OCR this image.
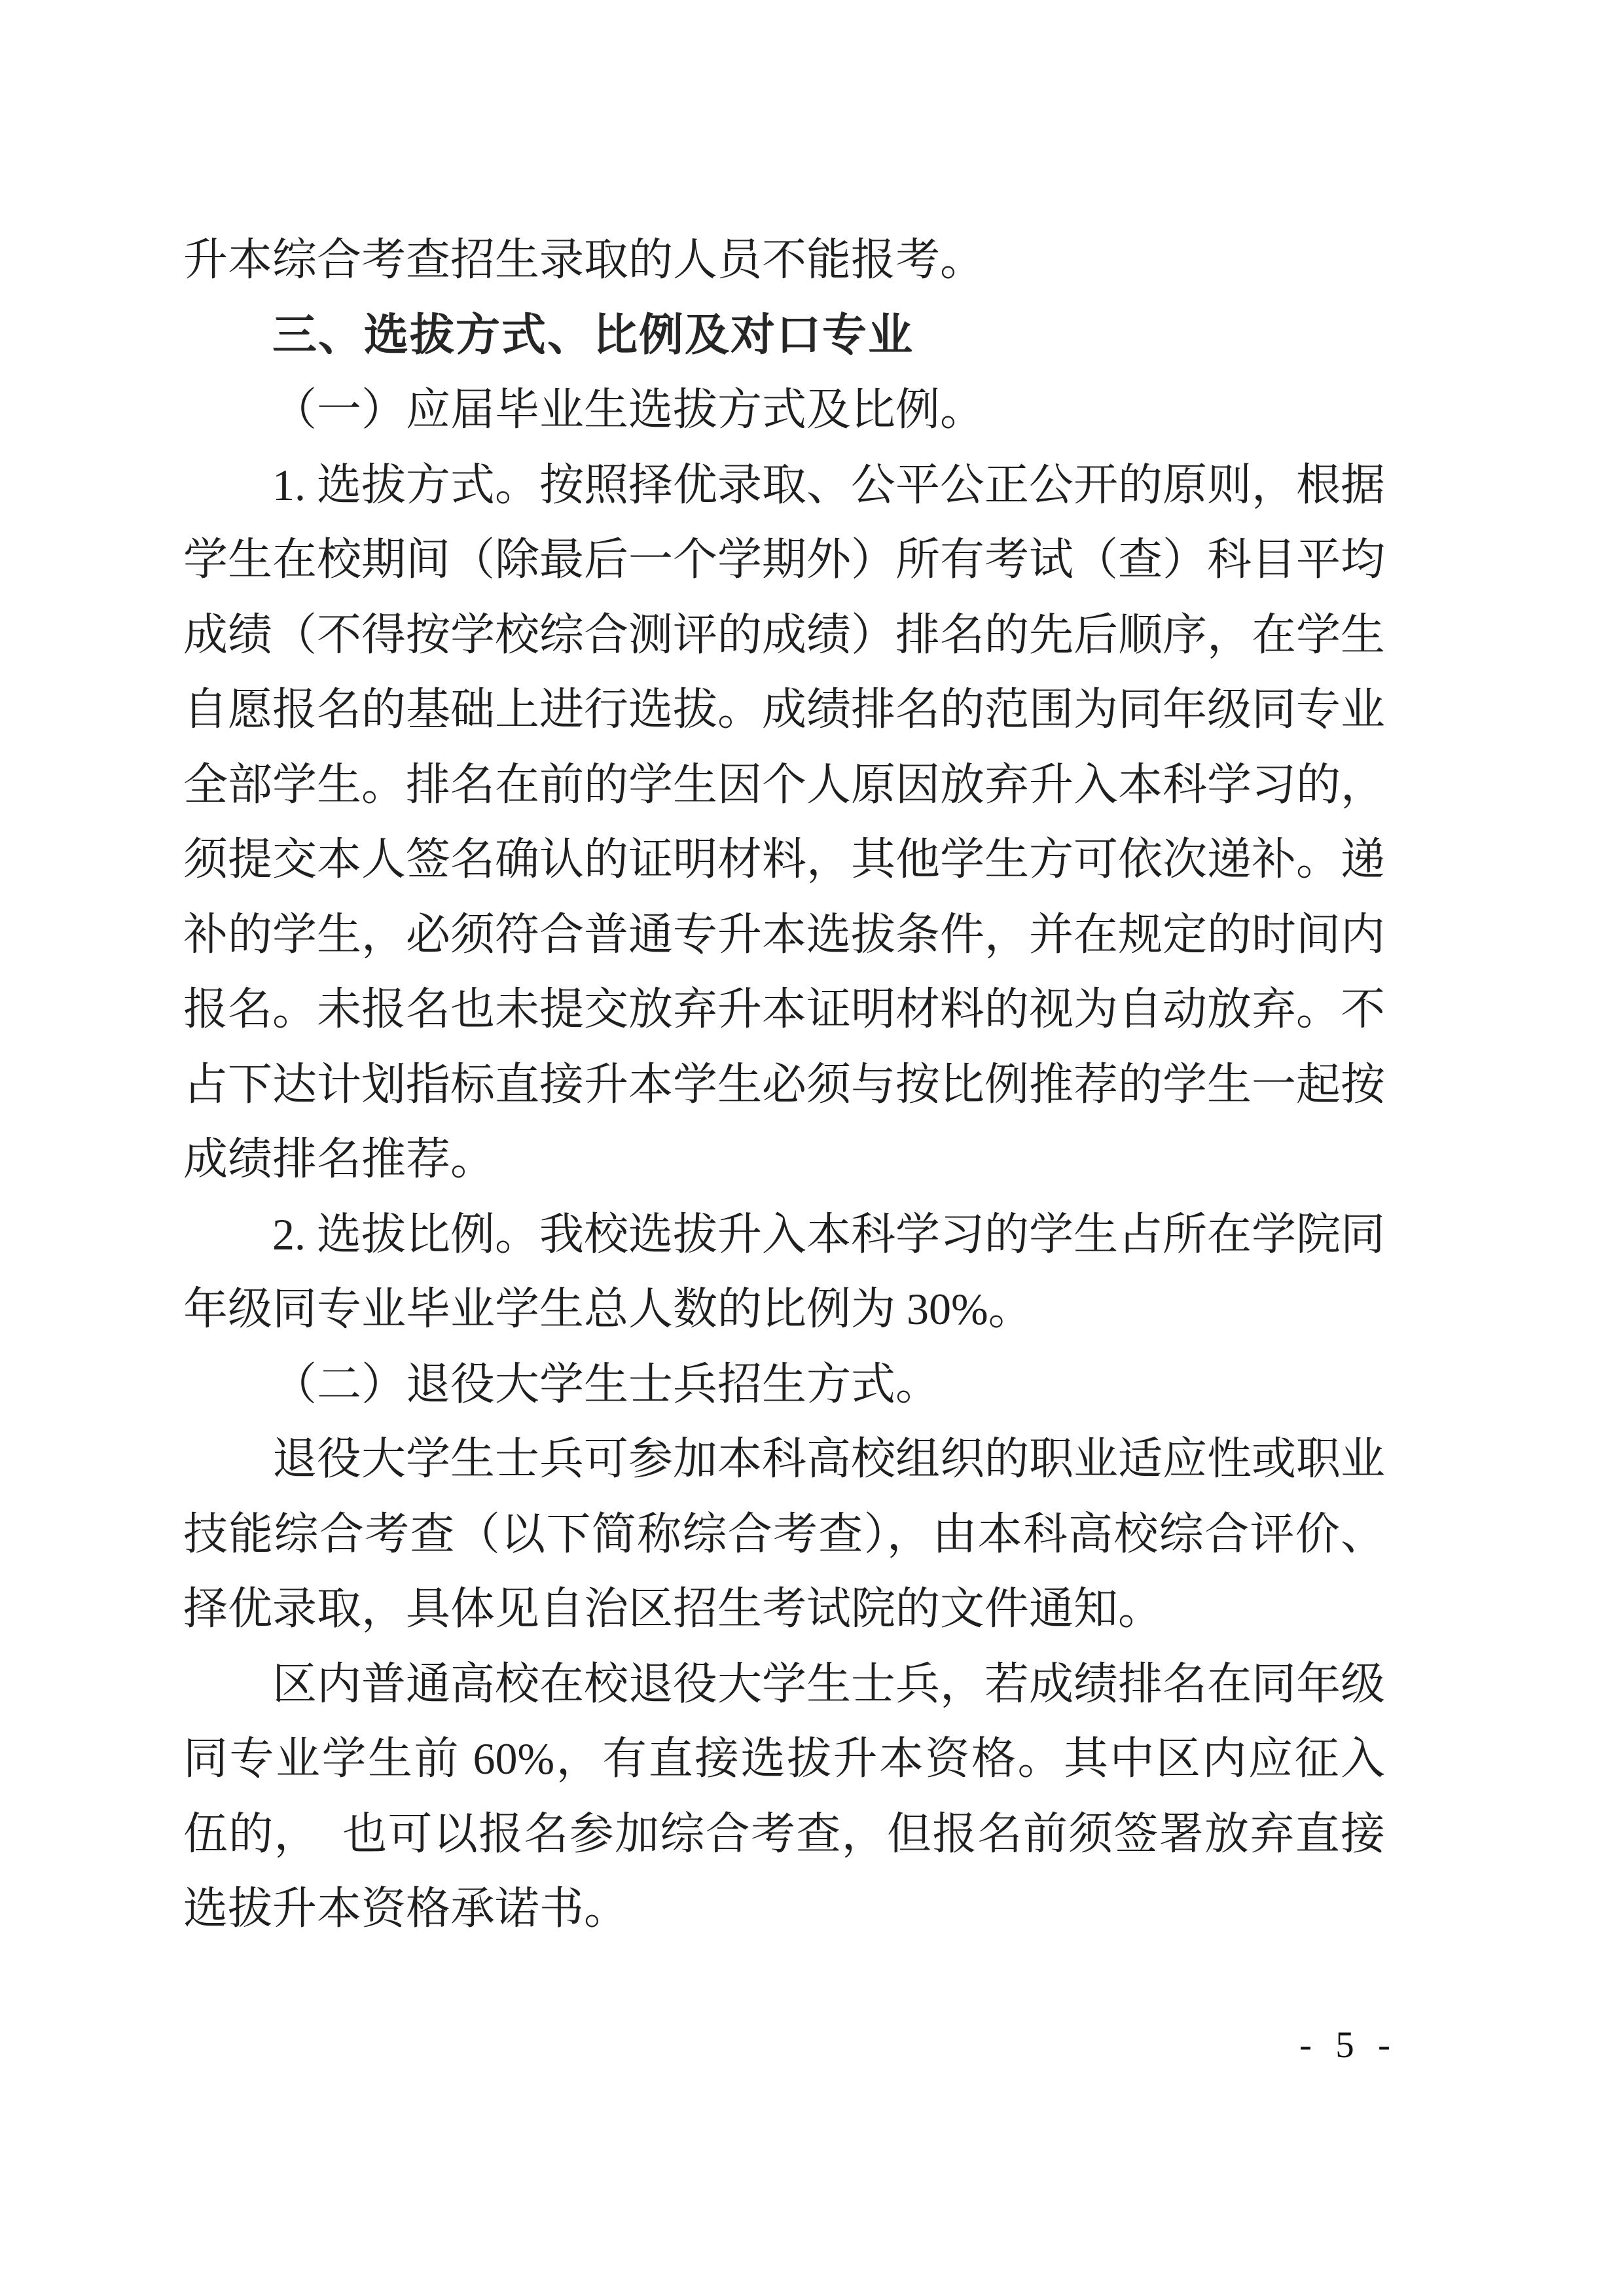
升本综合考查招生录取的人员不能报考。

三、选拔方式、比例及对口专业

（一）应届毕业生选拔方式及比例。

1. 选拔方式。按照择优录取、公平公正公开的原则，根据学生在校期间（除最后一个学期外）所有考试（查）科目平均成绩（不得按学校综合测评的成绩）排名的先后顺序，在学生自愿报名的基础上进行选拔。成绩排名的范围为同年级同专业全部学生。排名在前的学生因个人原因放弃升入本科学习的，须提交本人签名确认的证明材料，其他学生方可依次递补。递补的学生，必须符合普通专升本选拔条件，并在规定的时间内报名。未报名也未提交放弃升本证明材料的视为自动放弃。不占下达计划指标直接升本学生必须与按比例推荐的学生一起按成绩排名推荐。

2. 选拔比例。我校选拔升入本科学习的学生占所在学院同年级同专业毕业学生总人数的比例为 30%。

（二）退役大学生士兵招生方式。

退役大学生士兵可参加本科高校组织的职业适应性或职业技能综合考查（以下简称综合考查），由本科高校综合评价、择优录取，具体见自治区招生考试院的文件通知。

区内普通高校在校退役大学生士兵，若成绩排名在同年级同专业学生前 60%，有直接选拔升本资格。其中区内应征入伍的，　也可以报名参加综合考查，但报名前须签署放弃直接选拔升本资格承诺书。

- 5 -
